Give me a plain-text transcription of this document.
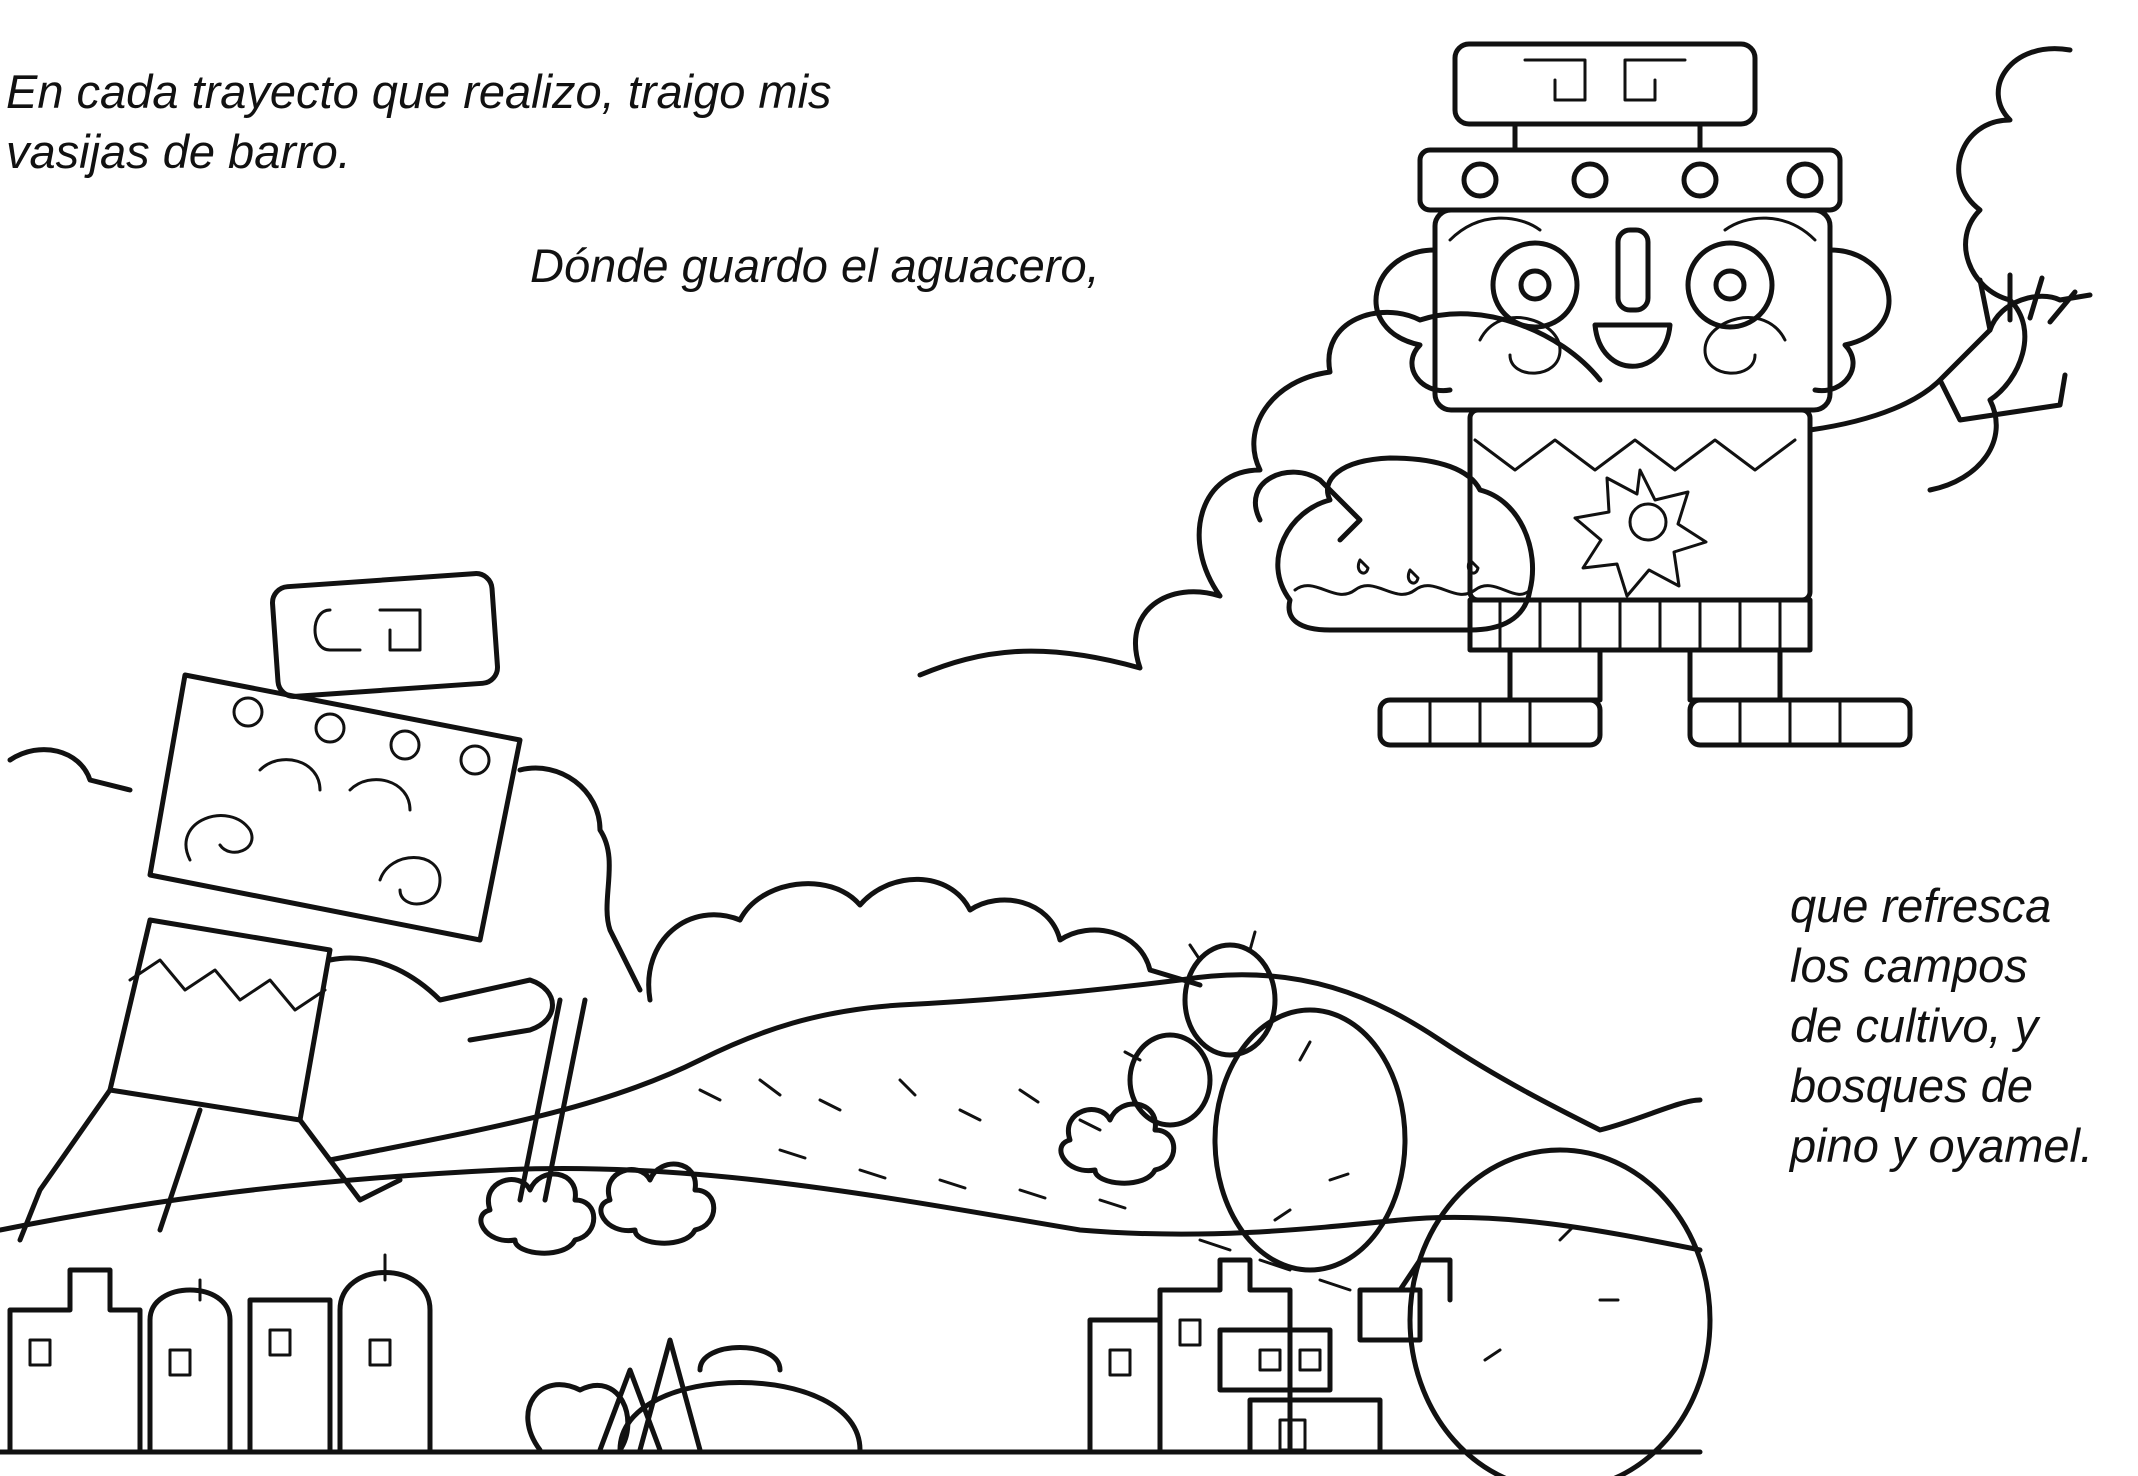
En cada trayecto que realizo, traigo mis
vasijas de barro.

Dónde guardo el aguacero,

que refresca
los campos
de cultivo, y
bosques de
pino y oyamel.
